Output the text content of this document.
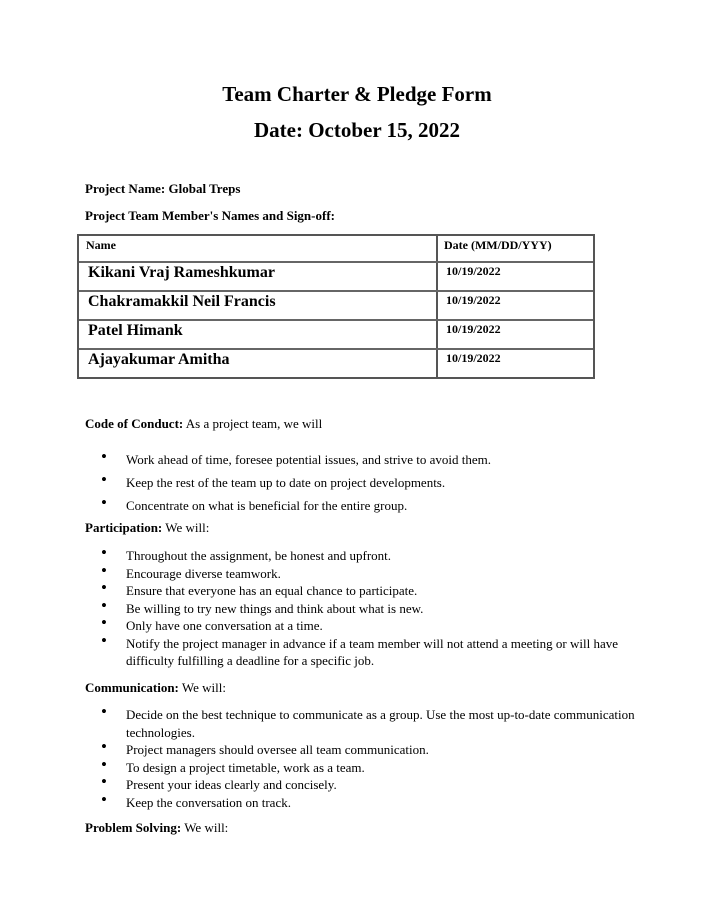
Team Charter & Pledge Form
Date: October 15, 2022
Project Name: Global Treps
Project Team Member's Names and Sign-off:
Name	Date (MM/DD/YYY)
Kikani Vraj Rameshkumar	10/19/2022
Chakramakkil Neil Francis	10/19/2022
Patel Himank	10/19/2022
Ajayakumar Amitha	10/19/2022
Code of Conduct: As a project team, we will
• Work ahead of time, foresee potential issues, and strive to avoid them.
• Keep the rest of the team up to date on project developments.
• Concentrate on what is beneficial for the entire group.
Participation: We will:
• Throughout the assignment, be honest and upfront.
• Encourage diverse teamwork.
• Ensure that everyone has an equal chance to participate.
• Be willing to try new things and think about what is new.
• Only have one conversation at a time.
• Notify the project manager in advance if a team member will not attend a meeting or will have difficulty fulfilling a deadline for a specific job.
Communication: We will:
• Decide on the best technique to communicate as a group. Use the most up-to-date communication technologies.
• Project managers should oversee all team communication.
• To design a project timetable, work as a team.
• Present your ideas clearly and concisely.
• Keep the conversation on track.
Problem Solving: We will:
